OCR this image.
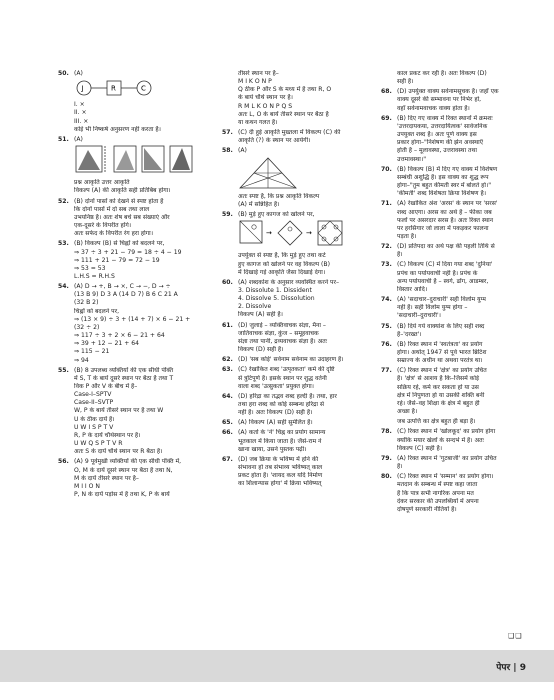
50. (A)
J	R	C
I. ×
II. ×
III. ×
कोई भी निष्कर्ष अनुसरण नहीं करता है।
51. (A)
प्रश्न आकृति उत्तर आकृति
विकल्प (A) की आकृति सही प्रतिबिंब होगा।
52. (B) दोनों पासों को देखने से स्पष्ट होता है
कि दोनों पासों में दो सब तथा लाल
उभयनिष्ठ है। अतः शेष बचे सब संख्याएं और
एक-दूसरे के विपरीत होंगे।
अतः सफेद के विपरीत रंग हरा होगा।
53. (B) विकल्प (B) से चिह्नों को बदलने पर,
⇒ 37 ÷ 3 + 21 − 79 = 18 ÷ 4 − 19
⇒ 111 + 21 − 79 = 72 − 19
⇒ 53 = 53
L.H.S = R.H.S
54. (A) D → +, B → ×, C → −, D → ÷
(13 B 9) D 3 A (14 D 7) B 6 C 21 A
(32 B 2)
चिह्नों को बदलने पर,
⇒ (13 × 9) ÷ 3 + (14 + 7) × 6 − 21 +
(32 ÷ 2)
⇒ 117 ÷ 3 + 2 × 6 − 21 + 64
⇒ 39 + 12 − 21 + 64
⇒ 115 − 21
⇒ 94
55. (B) 8 उपलब्ध व्यक्तियों की एक सीधी पंक्ति
में S, T के बायें दूसरे स्थान पर बैठा है तथा T
विक P और V के बीच में है–
Case-I–SPTV
Case-II–SVTP
W, P के बायें तीसरे स्थान पर है तथा W
U के ठीक दायें है।
U W I S P T V
R, P के दायें चौथेस्थान पर है।
U W Q S P T V R
अतः S के दायें चौथे स्थान पर R बैठा है।
56. (A) 9 पूर्वमुखी व्यक्तियों की एक सीधी पंक्ति में,
O, M के दायें दूसरे स्थान पर बैठा है तथा N,
M के दायें तीसरे स्थान पर है–
M I I O N
P, N के दायें पड़ोस में है तथा K, P के बायें
तीसरे स्थान पर है–
M I K O N P
Q ठीक P और S के मध्य में है तथा R, O
के बाये चौथे स्थान पर है।
R M L K O N P Q S
अतः L, O के बायें तीसरे स्थान पर बैठा है
या कथन गलत है।
57. (C) दी हुई आकृति मुख्तला में विकल्प (C) की
आकृति (?) के स्थान पर आयेगी।
58. (A)
अतः स्पष्ट है, कि प्रश्न आकृति विकल्प
(A) में सन्निहित है।
59. (B) मुड़े हुए कागज को खोलने पर,
→	→
उपर्युक्त से स्पष्ट है, कि मुड़े हुए तथा कटे
हुए कागज को खोलने पर वह विकल्प (B)
में दिखाई गई आकृति जैसा दिखाई देगा।
60. (A) शब्दकोश के अनुसार व्यवस्थित करने पर–
3. Dissolute 1. Dissident
4. Dissolve 5. Dissolution
2. Dissolve
विकल्प (A) सही है।
61. (D) जुलाई – व्यक्तिवाचक संज्ञा, मैना –
जातिवाचक संज्ञा, कुंज – समूहवाचक
संज्ञा तथा पानी, द्रव्यवाचक संज्ञा है। अतः
विकल्प (D) सही है।
62. (D) 'सब कोई' सर्वनाम सर्वनाम का उदाहरण है।
63. (C) रेखांकित शब्द 'उत्पृतकता' कर्म की दृष्टि
से त्रुटिपूर्ण है। इसके स्थान पर शुद्ध वर्तनी
वाला शब्द 'उत्सुकता' प्रयुक्त होगा।
64. (D) हरिद्रा का तद्भव शब्द हल्दी है। तथा, हार
तथा हरा शब्द को कोई सम्बन्ध हरिद्रा से
नहीं है। अतः विकल्प (D) सही है।
65. (A) विकल्प (A) सही सुमेलित है।
66. (A) कर्ता के 'ने' चिह्न का प्रयोग सामान्य
भूतकाल में किया जाता है। जैसे-राम ने
खाना खाया, उसने पुस्तक पढ़ी।
67. (D) जब क्रिया के भविष्य में होने की
संभावना हो तब संभाव्य भविष्यत् काल
प्रकट होता है। 'शायद कल यदि निर्माण
का शिलान्यास होगा' में क्रिया भविष्यत्
काल प्रकट कर रही है। अतः विकल्प (D)
सही है।
68. (D) उपर्युक्त वाक्य सर्वनामसूचक है। जहाँ एक
वाक्य दूसरे की सम्भावना पर निर्भर हो,
वहाँ सर्वनामवाचक वाक्य होता है।
69. (B) दिए गए वाक्य में रिक्त स्थानों में क्रमशः
'उत्तरदायकया, उत्तरदायित्वक' सार्वजनिक
उपयुक्त शब्द है। अतः पूर्ण वाक्य इस
प्रकार होगा–"निशेषण की झेन अवस्थाएँ
होती है – मूलावस्था, उत्तरावस्था तथा
उत्तमावस्था।"
70. (B) विकल्प (B) में दिए गए वाक्य में विशेषण
सम्बंधी अशुद्धि है। इस वाक्य का शुद्ध रूप
होगा–"तुम बहुत कीमती स्वर में बोलते हो।"
'कीमती' शब्द विशेषता क्रिया विशेषण है।
71. (A) रेखांकित अंश 'अरस' के स्थान पर 'सरस'
शब्द आएगा। अरस का अर्थ है – फीका जब
फलों पर असरदार सरस है। अतः रिक्त स्थान
पर हरसिंगार जो लाला में पकड़कर फालना
पड़ता है।
72. (D) प्रतिपदा का अर्थ पक्ष की पहली तिथि से
है।
73. (C) विकल्प (C) में दिया गया शब्द 'दुनिया'
प्रपंच का पर्यायवाची नहीं है। प्रपंच के
अन्य पर्यायवाची है – स्वर्ग, ढोंग, आडम्बर,
विस्तार आदि।
74. (A) 'सदाचार–दुराचारी' सही विलोम युग्म
नहीं है। सही विलोम युग्म होगा –
'सदाचारी–दुराचारी'।
75. (B) दिये गये वाक्यांश के लिए सही शब्द
है–'दरख्त'।
76. (B) रिक्त स्थान में 'स्वतंत्रता' का प्रयोग
होगा। अर्थात् 1947 से पूर्व भारत ब्रिटिश
सम्राज्य के अधीन था अथवा परतंत्र था।
77. (C) रिक्त स्थान में 'क्षेत्र' का प्रयोग उचित
है। 'क्षेत्र' से आशय है कि–जिसमें कोई
सक्रिय रहे, कर्म कर सकता हो या उस
क्षेत्र में निपुणता हो या उसकी शक्ति बनी
रहे। जैसे–वह शिक्षा के क्षेत्र में बहुत ही
अच्छा है।
जब उत्पत्ति का क्षेत्र बहुत ही बड़ा है।
78. (C) रिक्त स्थान में 'खोलकूद' का प्रयोग होगा
क्योंकि मयार खेलों के सन्दर्भ में है। अतः
विकल्प (C) सही है।
79. (A) रिक्त स्थान में 'गुटबाजी' का प्रयोग उचित
है।
80. (C) रिक्त स्थान में 'सम्मान' का प्रयोग होगा।
मतदान के सम्बन्ध में स्पष्ट कहा जाता
है कि पात्र सभी नागरिक अपना मत
देकर सरकार की उपलब्धियों में अपना
दोषपूर्ण सरकारी नीतियों है।
❑❑
पेपर | 9
